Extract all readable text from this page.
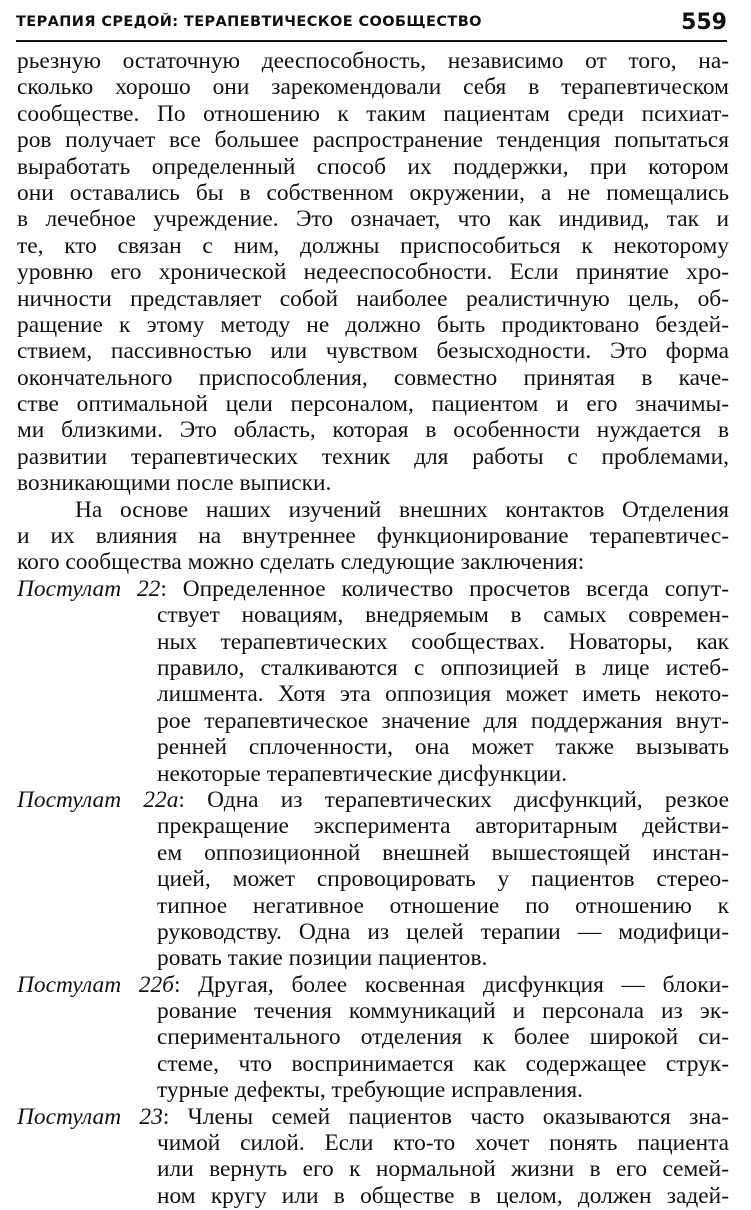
ТЕРАПИЯ СРЕДОЙ: ТЕРАПЕВТИЧЕСКОЕ СООБЩЕСТВО	559
рьезную остаточную дееспособность, независимо от того, на-
сколько хорошо они зарекомендовали себя в терапевтическом
сообществе. По отношению к таким пациентам среди психиат-
ров получает все большее распространение тенденция попытаться
выработать определенный способ их поддержки, при котором
они оставались бы в собственном окружении, а не помещались
в лечебное учреждение. Это означает, что как индивид, так и
те, кто связан с ним, должны приспособиться к некоторому
уровню его хронической недееспособности. Если принятие хро-
ничности представляет собой наиболее реалистичную цель, об-
ращение к этому методу не должно быть продиктовано бездей-
ствием, пассивностью или чувством безысходности. Это форма
окончательного приспособления, совместно принятая в каче-
стве оптимальной цели персоналом, пациентом и его значимы-
ми близкими. Это область, которая в особенности нуждается в
развитии терапевтических техник для работы с проблемами,
возникающими после выписки.
На основе наших изучений внешних контактов Отделения
и их влияния на внутреннее функционирование терапевтичес-
кого сообщества можно сделать следующие заключения:
Постулат 22: Определенное количество просчетов всегда сопут-
ствует новациям, внедряемым в самых современ-
ных терапевтических сообществах. Новаторы, как
правило, сталкиваются с оппозицией в лице истеб-
лишмента. Хотя эта оппозиция может иметь некото-
рое терапевтическое значение для поддержания внут-
ренней сплоченности, она может также вызывать
некоторые терапевтические дисфункции.
Постулат 22а: Одна из терапевтических дисфункций, резкое
прекращение эксперимента авторитарным действи-
ем оппозиционной внешней вышестоящей инстан-
цией, может спровоцировать у пациентов стерео-
типное негативное отношение по отношению к
руководству. Одна из целей терапии — модифици-
ровать такие позиции пациентов.
Постулат 22б: Другая, более косвенная дисфункция — блоки-
рование течения коммуникаций и персонала из эк-
спериментального отделения к более широкой си-
стеме, что воспринимается как содержащее струк-
турные дефекты, требующие исправления.
Постулат 23: Члены семей пациентов часто оказываются зна-
чимой силой. Если кто-то хочет понять пациента
или вернуть его к нормальной жизни в его семей-
ном кругу или в обществе в целом, должен задей-
